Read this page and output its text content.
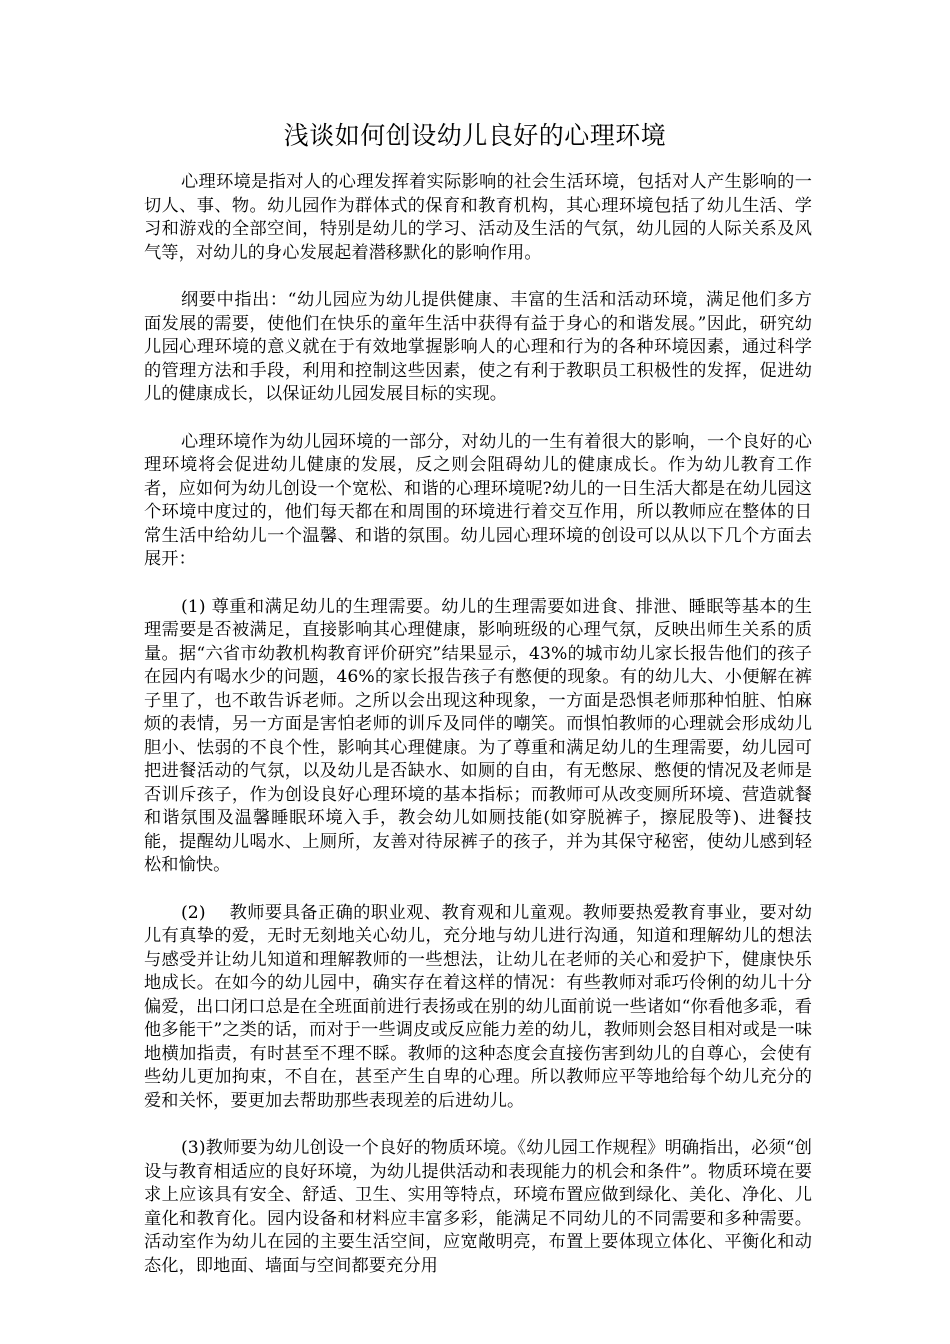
浅谈如何创设幼儿良好的心理环境

心理环境是指对人的心理发挥着实际影响的社会生活环境，包括对人产生影响的一切人、事、物。幼儿园作为群体式的保育和教育机构，其心理环境包括了幼儿生活、学习和游戏的全部空间，特别是幼儿的学习、活动及生活的气氛，幼儿园的人际关系及风气等，对幼儿的身心发展起着潜移默化的影响作用。

纲要中指出：“幼儿园应为幼儿提供健康、丰富的生活和活动环境，满足他们多方面发展的需要，使他们在快乐的童年生活中获得有益于身心的和谐发展。”因此，研究幼儿园心理环境的意义就在于有效地掌握影响人的心理和行为的各种环境因素，通过科学的管理方法和手段，利用和控制这些因素，使之有利于教职员工积极性的发挥，促进幼儿的健康成长，以保证幼儿园发展目标的实现。

心理环境作为幼儿园环境的一部分，对幼儿的一生有着很大的影响，一个良好的心理环境将会促进幼儿健康的发展，反之则会阻碍幼儿的健康成长。作为幼儿教育工作者，应如何为幼儿创设一个宽松、和谐的心理环境呢?幼儿的一日生活大都是在幼儿园这个环境中度过的，他们每天都在和周围的环境进行着交互作用，所以教师应在整体的日常生活中给幼儿一个温馨、和谐的氛围。幼儿园心理环境的创设可以从以下几个方面去展开：

(1) 尊重和满足幼儿的生理需要。幼儿的生理需要如进食、排泄、睡眠等基本的生理需要是否被满足，直接影响其心理健康，影响班级的心理气氛，反映出师生关系的质量。据“六省市幼教机构教育评价研究”结果显示，43%的城市幼儿家长报告他们的孩子在园内有喝水少的问题，46%的家长报告孩子有憋便的现象。有的幼儿大、小便解在裤子里了，也不敢告诉老师。之所以会出现这种现象，一方面是恐惧老师那种怕脏、怕麻烦的表情，另一方面是害怕老师的训斥及同伴的嘲笑。而惧怕教师的心理就会形成幼儿胆小、怯弱的不良个性，影响其心理健康。为了尊重和满足幼儿的生理需要，幼儿园可把进餐活动的气氛，以及幼儿是否缺水、如厕的自由，有无憋尿、憋便的情况及老师是否训斥孩子，作为创设良好心理环境的基本指标；而教师可从改变厕所环境、营造就餐和谐氛围及温馨睡眠环境入手，教会幼儿如厕技能(如穿脱裤子，擦屁股等)、进餐技能，提醒幼儿喝水、上厕所，友善对待尿裤子的孩子，并为其保守秘密，使幼儿感到轻松和愉快。

(2)　 教师要具备正确的职业观、教育观和儿童观。教师要热爱教育事业，要对幼儿有真挚的爱，无时无刻地关心幼儿，充分地与幼儿进行沟通，知道和理解幼儿的想法与感受并让幼儿知道和理解教师的一些想法，让幼儿在老师的关心和爱护下，健康快乐地成长。在如今的幼儿园中，确实存在着这样的情况：有些教师对乖巧伶俐的幼儿十分偏爱，出口闭口总是在全班面前进行表扬或在别的幼儿面前说一些诸如“你看他多乖，看他多能干”之类的话，而对于一些调皮或反应能力差的幼儿，教师则会怒目相对或是一味地横加指责，有时甚至不理不睬。教师的这种态度会直接伤害到幼儿的自尊心，会使有些幼儿更加拘束，不自在，甚至产生自卑的心理。所以教师应平等地给每个幼儿充分的爱和关怀，要更加去帮助那些表现差的后进幼儿。

(3)教师要为幼儿创设一个良好的物质环境。《幼儿园工作规程》明确指出，必须“创设与教育相适应的良好环境，为幼儿提供活动和表现能力的机会和条件”。物质环境在要求上应该具有安全、舒适、卫生、实用等特点，环境布置应做到绿化、美化、净化、儿童化和教育化。园内设备和材料应丰富多彩，能满足不同幼儿的不同需要和多种需要。活动室作为幼儿在园的主要生活空间，应宽敞明亮，布置上要体现立体化、平衡化和动态化，即地面、墙面与空间都要充分用
